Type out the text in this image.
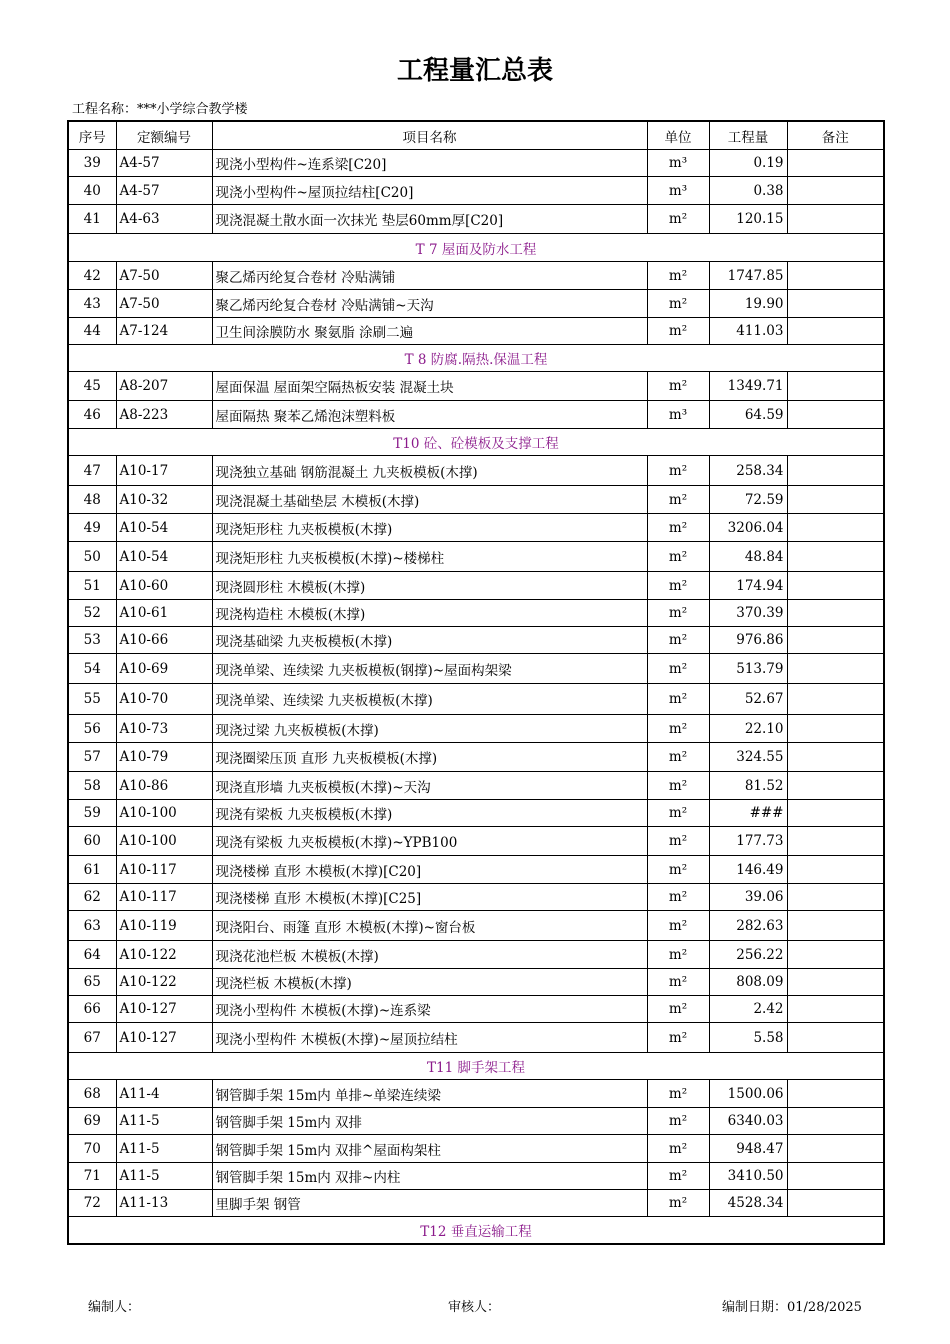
工程量汇总表
工程名称：***小学综合教学楼
序号	定额编号	项目名称	单位	工程量	备注
39	A4-57	现浇小型构件~连系梁[C20]	m³	0.19	
40	A4-57	现浇小型构件~屋顶拉结柱[C20]	m³	0.38	
41	A4-63	现浇混凝土散水面一次抹光 垫层60mm厚[C20]	m²	120.15	
T 7 屋面及防水工程					
42	A7-50	聚乙烯丙纶复合卷材 冷贴满铺	m²	1747.85	
43	A7-50	聚乙烯丙纶复合卷材 冷贴满铺~天沟	m²	19.90	
44	A7-124	卫生间涂膜防水 聚氨脂 涂刷二遍	m²	411.03	
T 8 防腐.隔热.保温工程					
45	A8-207	屋面保温 屋面架空隔热板安装 混凝土块	m²	1349.71	
46	A8-223	屋面隔热 聚苯乙烯泡沫塑料板	m³	64.59	
T10 砼、砼模板及支撑工程					
47	A10-17	现浇独立基础 钢筋混凝土 九夹板模板(木撑)	m²	258.34	
48	A10-32	现浇混凝土基础垫层 木模板(木撑)	m²	72.59	
49	A10-54	现浇矩形柱 九夹板模板(木撑)	m²	3206.04	
50	A10-54	现浇矩形柱 九夹板模板(木撑)~楼梯柱	m²	48.84	
51	A10-60	现浇圆形柱 木模板(木撑)	m²	174.94	
52	A10-61	现浇构造柱 木模板(木撑)	m²	370.39	
53	A10-66	现浇基础梁 九夹板模板(木撑)	m²	976.86	
54	A10-69	现浇单梁、连续梁 九夹板模板(钢撑)~屋面构架梁	m²	513.79	
55	A10-70	现浇单梁、连续梁 九夹板模板(木撑)	m²	52.67	
56	A10-73	现浇过梁 九夹板模板(木撑)	m²	22.10	
57	A10-79	现浇圈梁压顶 直形 九夹板模板(木撑)	m²	324.55	
58	A10-86	现浇直形墙 九夹板模板(木撑)~天沟	m²	81.52	
59	A10-100	现浇有梁板 九夹板模板(木撑)	m²	###	
60	A10-100	现浇有梁板 九夹板模板(木撑)~YPB100	m²	177.73	
61	A10-117	现浇楼梯 直形 木模板(木撑)[C20]	m²	146.49	
62	A10-117	现浇楼梯 直形 木模板(木撑)[C25]	m²	39.06	
63	A10-119	现浇阳台、雨篷 直形 木模板(木撑)~窗台板	m²	282.63	
64	A10-122	现浇花池栏板 木模板(木撑)	m²	256.22	
65	A10-122	现浇栏板 木模板(木撑)	m²	808.09	
66	A10-127	现浇小型构件 木模板(木撑)~连系梁	m²	2.42	
67	A10-127	现浇小型构件 木模板(木撑)~屋顶拉结柱	m²	5.58	
T11 脚手架工程					
68	A11-4	钢管脚手架 15m内 单排~单梁连续梁	m²	1500.06	
69	A11-5	钢管脚手架 15m内 双排	m²	6340.03	
70	A11-5	钢管脚手架 15m内 双排^屋面构架柱	m²	948.47	
71	A11-5	钢管脚手架 15m内 双排~内柱	m²	3410.50	
72	A11-13	里脚手架 钢管	m²	4528.34	
T12 垂直运输工程					
编制人：	审核人：	编制日期：01/28/2025
